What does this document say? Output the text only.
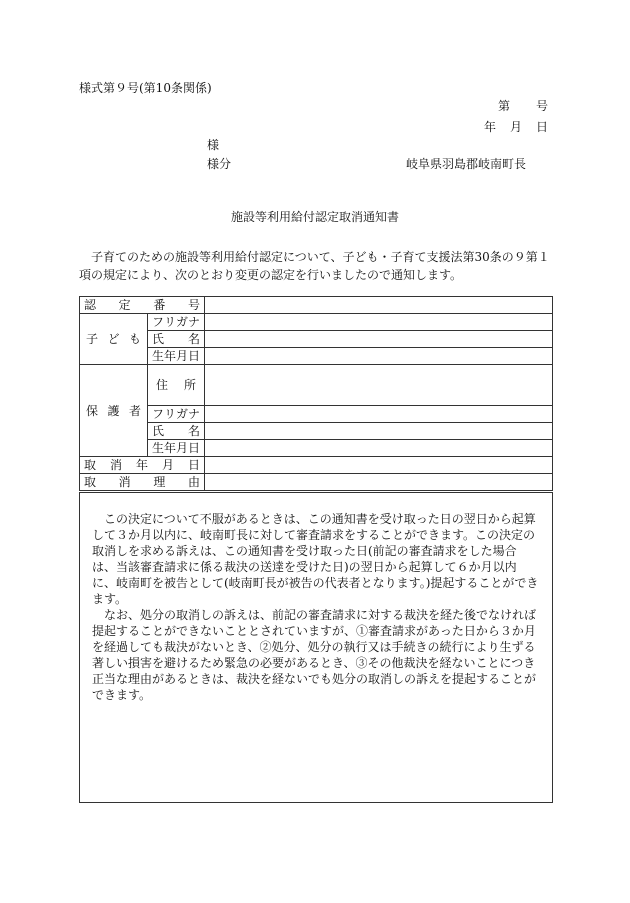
様式第９号(第10条関係)
第 号
年 月 日
様
様分	岐阜県羽島郡岐南町長
施設等利用給付認定取消通知書
子育てのための施設等利用給付認定について、子ども・子育て支援法第30条の９第１項の規定により、次のとおり変更の認定を行いましたので通知します。
認 定 番 号		

子 ど も	フ リ ガ ナ	

	氏 名	

	生 年 月 日	

保 護 者	住 所	

	フ リ ガ ナ	

	氏 名	

	生 年 月 日	

取 消 年 月 日		

取 消 理 由		

この決定について不服があるときは、この通知書を受け取った日の翌日から起算して３か月以内に、岐南町長に対して審査請求をすることができます。この決定の取消しを求める訴えは、この通知書を受け取った日(前記の審査請求をした場合は、当該審査請求に係る裁決の送達を受けた日)の翌日から起算して６か月以内に、岐南町を被告として(岐南町長が被告の代表者となります。)提起することができます。

なお、処分の取消しの訴えは、前記の審査請求に対する裁決を経た後でなければ提起することができないこととされていますが、①審査請求があった日から３か月を経過しても裁決がないとき、②処分、処分の執行又は手続きの続行により生ずる著しい損害を避けるため緊急の必要があるとき、③その他裁決を経ないことにつき正当な理由があるときは、裁決を経ないでも処分の取消しの訴えを提起することができます。
